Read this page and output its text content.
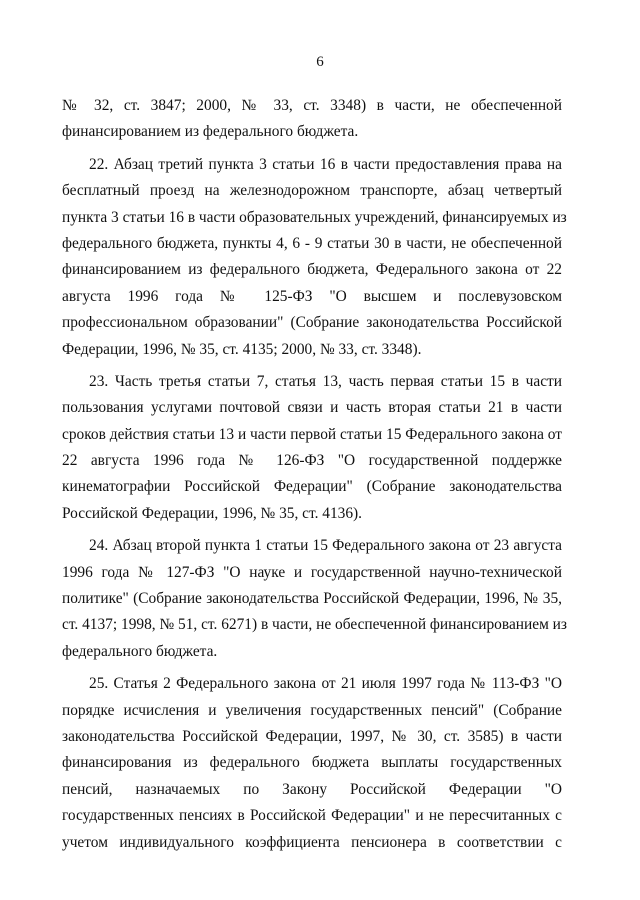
6
№ 32, ст. 3847; 2000, № 33, ст. 3348) в части, не обеспеченной
финансированием из федерального бюджета.
22. Абзац третий пункта 3 статьи 16 в части предоставления права на
бесплатный проезд на железнодорожном транспорте, абзац четвертый
пункта 3 статьи 16 в части образовательных учреждений, финансируемых из
федерального бюджета, пункты 4, 6 - 9 статьи 30 в части, не обеспеченной
финансированием из федерального бюджета, Федерального закона от 22
августа 1996 года № 125-ФЗ "О высшем и послевузовском
профессиональном образовании" (Собрание законодательства Российской
Федерации, 1996, № 35, ст. 4135; 2000, № 33, ст. 3348).
23. Часть третья статьи 7, статья 13, часть первая статьи 15 в части
пользования услугами почтовой связи и часть вторая статьи 21 в части
сроков действия статьи 13 и части первой статьи 15 Федерального закона от
22 августа 1996 года № 126-ФЗ "О государственной поддержке
кинематографии Российской Федерации" (Собрание законодательства
Российской Федерации, 1996, № 35, ст. 4136).
24. Абзац второй пункта 1 статьи 15 Федерального закона от 23 августа
1996 года № 127-ФЗ "О науке и государственной научно-технической
политике" (Собрание законодательства Российской Федерации, 1996, № 35,
ст. 4137; 1998, № 51, ст. 6271) в части, не обеспеченной финансированием из
федерального бюджета.
25. Статья 2 Федерального закона от 21 июля 1997 года № 113-ФЗ "О
порядке исчисления и увеличения государственных пенсий" (Собрание
законодательства Российской Федерации, 1997, № 30, ст. 3585) в части
финансирования из федерального бюджета выплаты государственных
пенсий, назначаемых по Закону Российской Федерации "О
государственных пенсиях в Российской Федерации" и не пересчитанных с
учетом индивидуального коэффициента пенсионера в соответствии с
